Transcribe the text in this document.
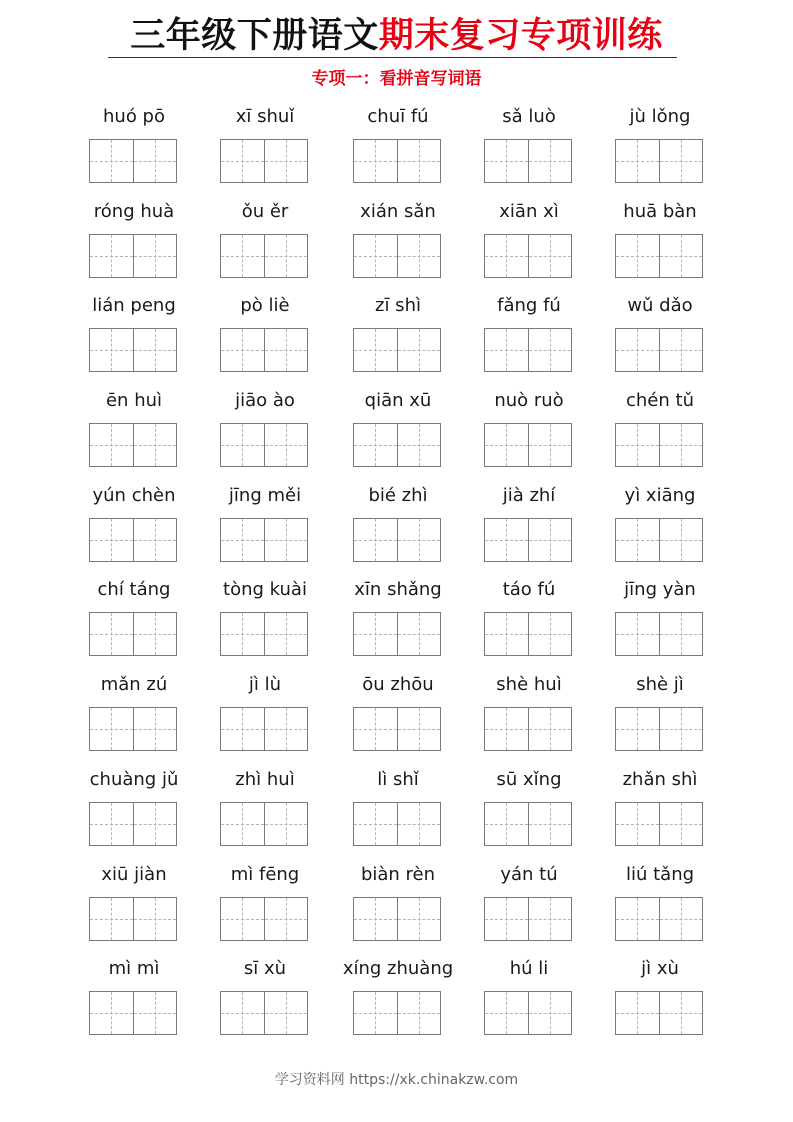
三年级下册语文期末复习专项训练
专项一：看拼音写词语
huó pō	xī shuǐ	chuī fú	sǎ luò	jù lǒng
róng huà	ǒu ěr	xián sǎn	xiān xì	huā bàn
lián peng	pò liè	zī shì	fǎng fú	wǔ dǎo
ēn huì	jiāo ào	qiān xū	nuò ruò	chén tǔ
yún chèn	jīng měi	bié zhì	jià zhí	yì xiāng
chí táng	tòng kuài	xīn shǎng	táo fú	jīng yàn
mǎn zú	jì lù	ōu zhōu	shè huì	shè jì
chuàng jǔ	zhì huì	lì shǐ	sū xǐng	zhǎn shì
xiū jiàn	mì fēng	biàn rèn	yán tú	liú tǎng
mì mì	sī xù	xíng zhuàng	hú li	jì xù
学习资料网 https://xk.chinakzw.com
